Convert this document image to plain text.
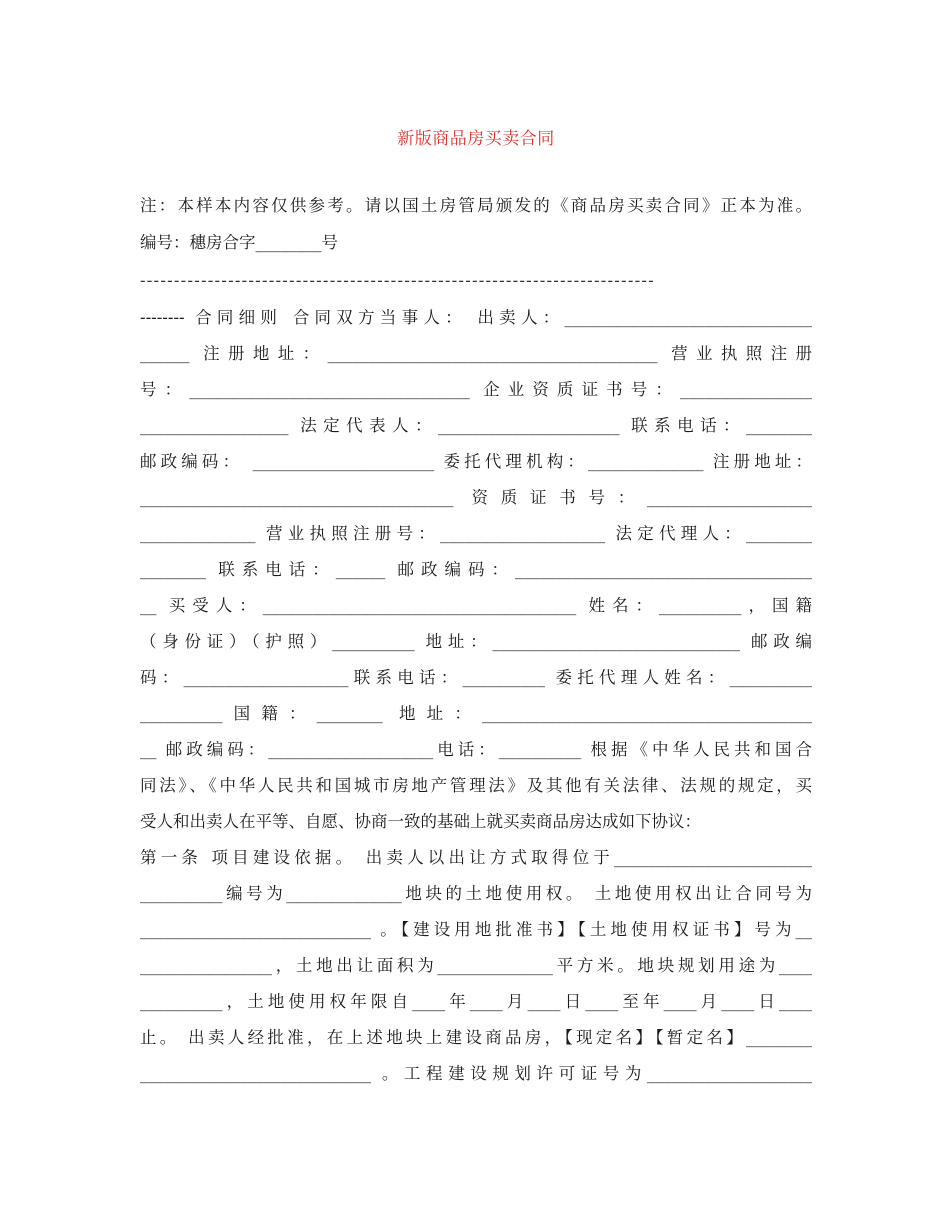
新版商品房买卖合同
注：本样本内容仅供参考。请以国土房管局颁发的《商品房买卖合同》正本为准。
编号：穗房合字________号
----------------------------------------------------------------------------
-------- 合同细则 合同双方当事人： 出卖人：______________________________
______ 注册地址：________________________________________ 营业执照注册
号：__________________________________ 企业资质证书号：________________
__________________ 法定代表人：______________________ 联系电话：________
邮政编码： ______________________ 委托代理机构：______________ 注册地址：
______________________________________ 资质证书号：____________________
______________ 营业执照注册号：____________________ 法定代理人：________
________ 联系电话：______ 邮政编码：____________________________________
__ 买受人：______________________________________ 姓名：__________，国籍
（身份证）（护照）__________ 地址：______________________________ 邮政编
码：____________________联系电话：__________ 委托代理人姓名：__________
__________国籍：________ 地址：________________________________________
__ 邮政编码：____________________电话：__________ 根据《中华人民共和国合
同法》、《中华人民共和国城市房地产管理法》及其他有关法律、法规的规定，买
受人和出卖人在平等、自愿、协商一致的基础上就买卖商品房达成如下协议：
第一条 项目建设依据。 出卖人以出让方式取得位于________________________
__________编号为______________地块的土地使用权。 土地使用权出让合同号为
____________________________ 。【建设用地批准书】【土地使用权证书】号为__
________________，土地出让面积为______________平方米。地块规划用途为____
__________，土地使用权年限自____年____月____日____至年____月____日____
止。 出卖人经批准，在上述地块上建设商品房，【现定名】【暂定名】________
____________________________ 。工程建设规划许可证号为____________________
